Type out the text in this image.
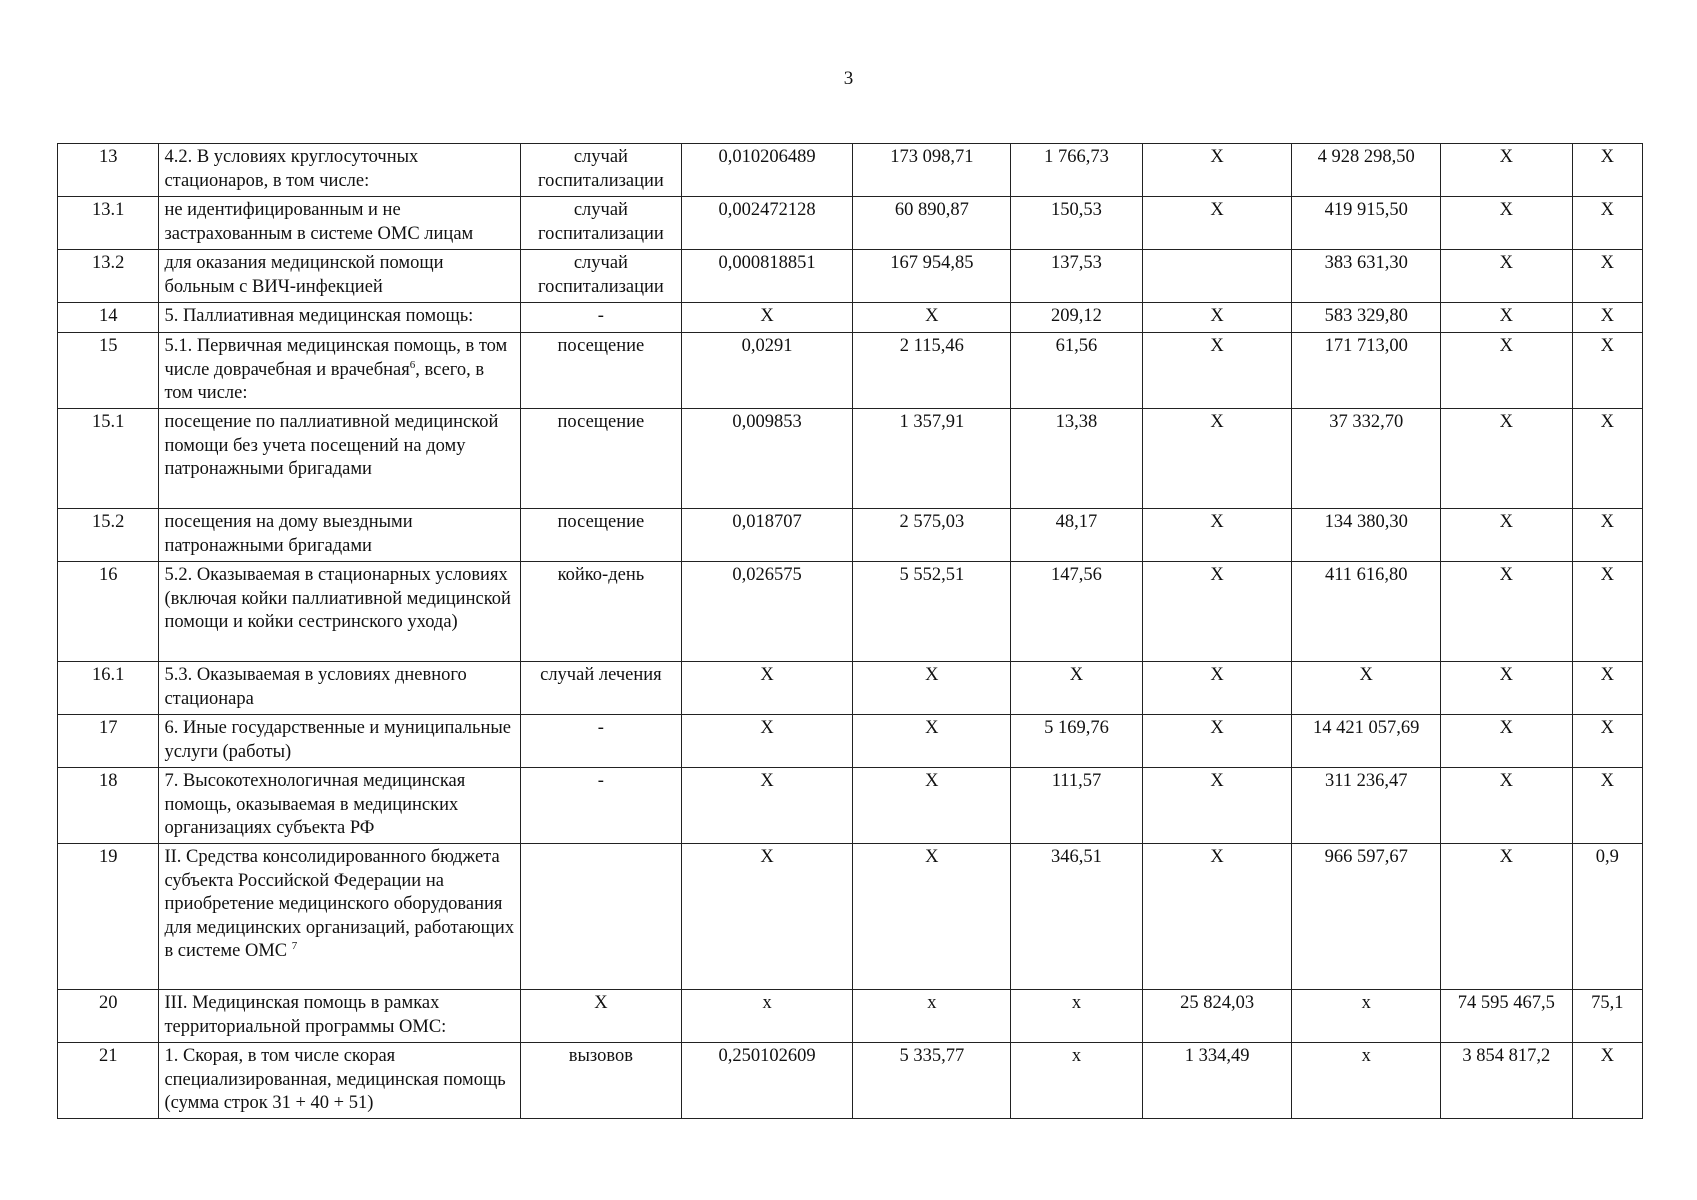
3
13	4.2. В условиях круглосуточных стационаров, в том числе:	случай госпитализации	0,010206489	173 098,71	1 766,73	X	4 928 298,50	X	X
13.1	не идентифицированным и не застрахованным в системе ОМС лицам	случай госпитализации	0,002472128	60 890,87	150,53	X	419 915,50	X	X
13.2	для оказания медицинской помощи больным с ВИЧ-инфекцией	случай госпитализации	0,000818851	167 954,85	137,53		383 631,30	X	X
14	5. Паллиативная медицинская помощь:	-	X	X	209,12	X	583 329,80	X	X
15	5.1. Первичная медицинская помощь, в том числе доврачебная и врачебная$^6$, всего, в том числе:	посещение	0,0291	2 115,46	61,56	X	171 713,00	X	X
15.1	посещение по паллиативной медицинской помощи без учета посещений на дому патронажными бригадами	посещение	0,009853	1 357,91	13,38	X	37 332,70	X	X
15.2	посещения на дому выездными патронажными бригадами	посещение	0,018707	2 575,03	48,17	X	134 380,30	X	X
16	5.2. Оказываемая в стационарных условиях (включая койки паллиативной медицинской помощи и койки сестринского ухода)	койко-день	0,026575	5 552,51	147,56	X	411 616,80	X	X
16.1	5.3. Оказываемая в условиях дневного стационара	случай лечения	X	X	X	X	X	X	X
17	6. Иные государственные и муниципальные услуги (работы)	-	X	X	5 169,76	X	14 421 057,69	X	X
18	7. Высокотехнологичная медицинская помощь, оказываемая в медицинских организациях субъекта РФ	-	X	X	111,57	X	311 236,47	X	X
19	II. Средства консолидированного бюджета субъекта Российской Федерации на приобретение медицинского оборудования для медицинских организаций, работающих в системе ОМС $^7$		X	X	346,51	X	966 597,67	X	0,9
20	III. Медицинская помощь в рамках территориальной программы ОМС:	X	x	x	x	25 824,03	x	74 595 467,5	75,1
21	1. Скорая, в том числе скорая специализированная, медицинская помощь (сумма строк 31 + 40 + 51)	вызовов	0,250102609	5 335,77	x	1 334,49	x	3 854 817,2	X
